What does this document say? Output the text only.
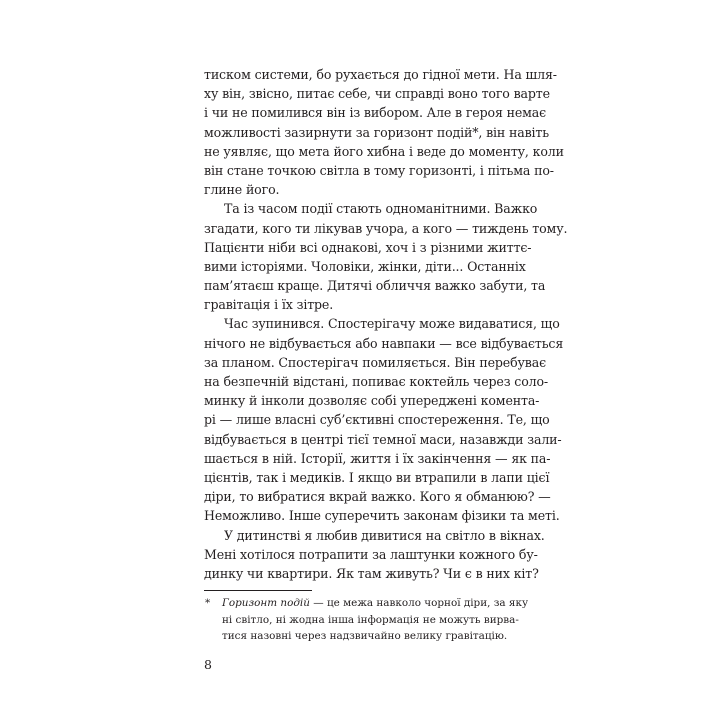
тиском системи, бо рухається до гідної мети. На шля-
ху він, звісно, питає себе, чи справді воно того варте
і чи не помилився він із вибором. Але в героя немає
можливості зазирнути за горизонт подій*, він навіть
не уявляє, що мета його хибна і веде до моменту, коли
він стане точкою світла в тому горизонті, і пітьма по-
глине його.
Та із часом події стають одноманітними. Важко
згадати, кого ти лікував учора, а кого — тиждень тому.
Пацієнти ніби всі однакові, хоч і з різними життє-
вими історіями. Чоловіки, жінки, діти... Останніх
пам’ятаєш краще. Дитячі обличчя важко забути, та
гравітація і їх зітре.
Час зупинився. Спостерігачу може видаватися, що
нічого не відбувається або навпаки — все відбувається
за планом. Спостерігач помиляється. Він перебуває
на безпечній відстані, попиває коктейль через соло-
минку й інколи дозволяє собі упереджені коментa-
рі — лише власні суб’єктивні спостереження. Те, що
відбувається в центрі тієї темної маси, назавжди зали-
шається в ній. Історії, життя і їх закінчення — як па-
цієнтів, так і медиків. І якщо ви втрапили в лапи цієї
діри, то вибратися вкрай важко. Кого я обманюю? —
Неможливо. Інше суперечить законам фізики та меті.
У дитинстві я любив дивитися на світло в вікнах.
Мені хотілося потрапити за лаштунки кожного бу-
динку чи квартири. Як там живуть? Чи є в них кіт?
*	Горизонт подій — це межа навколо чорної діри, за яку
ні світло, ні жодна інша інформація не можуть вирва-
тися назовні через надзвичайно велику гравітацію.
8
